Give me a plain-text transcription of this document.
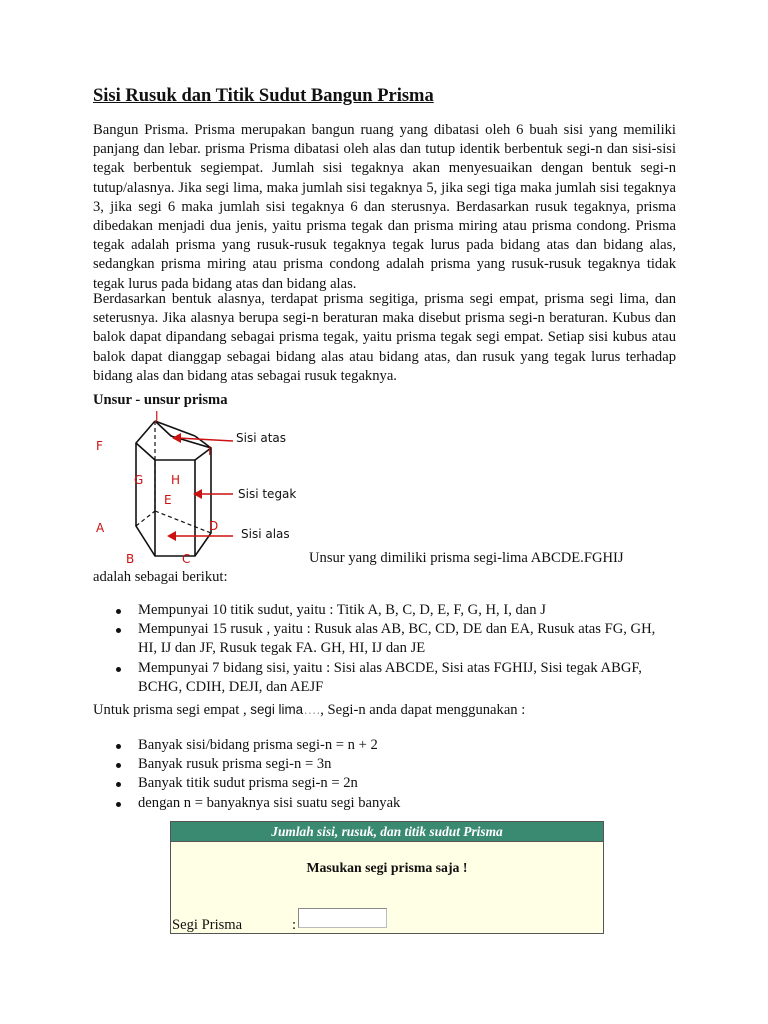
Sisi Rusuk dan Titik Sudut Bangun Prisma

Bangun Prisma. Prisma merupakan bangun ruang yang dibatasi oleh 6 buah sisi yang memiliki panjang dan lebar. prisma Prisma dibatasi oleh alas dan tutup identik berbentuk segi-n dan sisi-sisi tegak berbentuk segiempat. Jumlah sisi tegaknya akan menyesuaikan dengan bentuk segi-n tutup/alasnya. Jika segi lima, maka jumlah sisi tegaknya 5, jika segi tiga maka jumlah sisi tegaknya 3, jika segi 6 maka jumlah sisi tegaknya 6 dan sterusnya. Berdasarkan rusuk tegaknya, prisma dibedakan menjadi dua jenis, yaitu prisma tegak dan prisma miring atau prisma condong. Prisma tegak adalah prisma yang rusuk-rusuk tegaknya tegak lurus pada bidang atas dan bidang alas, sedangkan prisma miring atau prisma condong adalah prisma yang rusuk-rusuk tegaknya tidak tegak lurus pada bidang atas dan bidang alas.

Berdasarkan bentuk alasnya, terdapat prisma segitiga, prisma segi empat, prisma segi lima, dan seterusnya. Jika alasnya berupa segi-n beraturan maka disebut prisma segi-n beraturan. Kubus dan balok dapat dipandang sebagai prisma tegak, yaitu prisma tegak segi empat. Setiap sisi kubus atau balok dapat dianggap sebagai bidang alas atau bidang atas, dan rusuk yang tegak lurus terhadap bidang alas dan bidang atas sebagai rusuk tegaknya.

Unsur - unsur prisma
J
F	I
G H
E
A	D
B	C
Sisi atas
Sisi tegak
Sisi alas
Unsur yang dimiliki prisma segi-lima ABCDE.FGHIJ
adalah sebagai berikut:
Mempunyai 10 titik sudut, yaitu : Titik A, B, C, D, E, F, G, H, I, dan J
Mempunyai 15 rusuk , yaitu : Rusuk alas AB, BC, CD, DE dan EA, Rusuk atas FG, GH, HI, IJ dan JF, Rusuk tegak FA. GH, HI, IJ dan JE
Mempunyai 7 bidang sisi, yaitu : Sisi alas ABCDE, Sisi atas FGHIJ, Sisi tegak ABGF, BCHG, CDIH, DEJI, dan AEJF
Untuk prisma segi empat , segi lima…., Segi-n anda dapat menggunakan :
Banyak sisi/bidang prisma segi-n = n + 2
Banyak rusuk prisma segi-n = 3n
Banyak titik sudut prisma segi-n = 2n
dengan n = banyaknya sisi suatu segi banyak
Jumlah sisi, rusuk, dan titik sudut Prisma
Masukan segi prisma saja !
Segi Prisma	:
